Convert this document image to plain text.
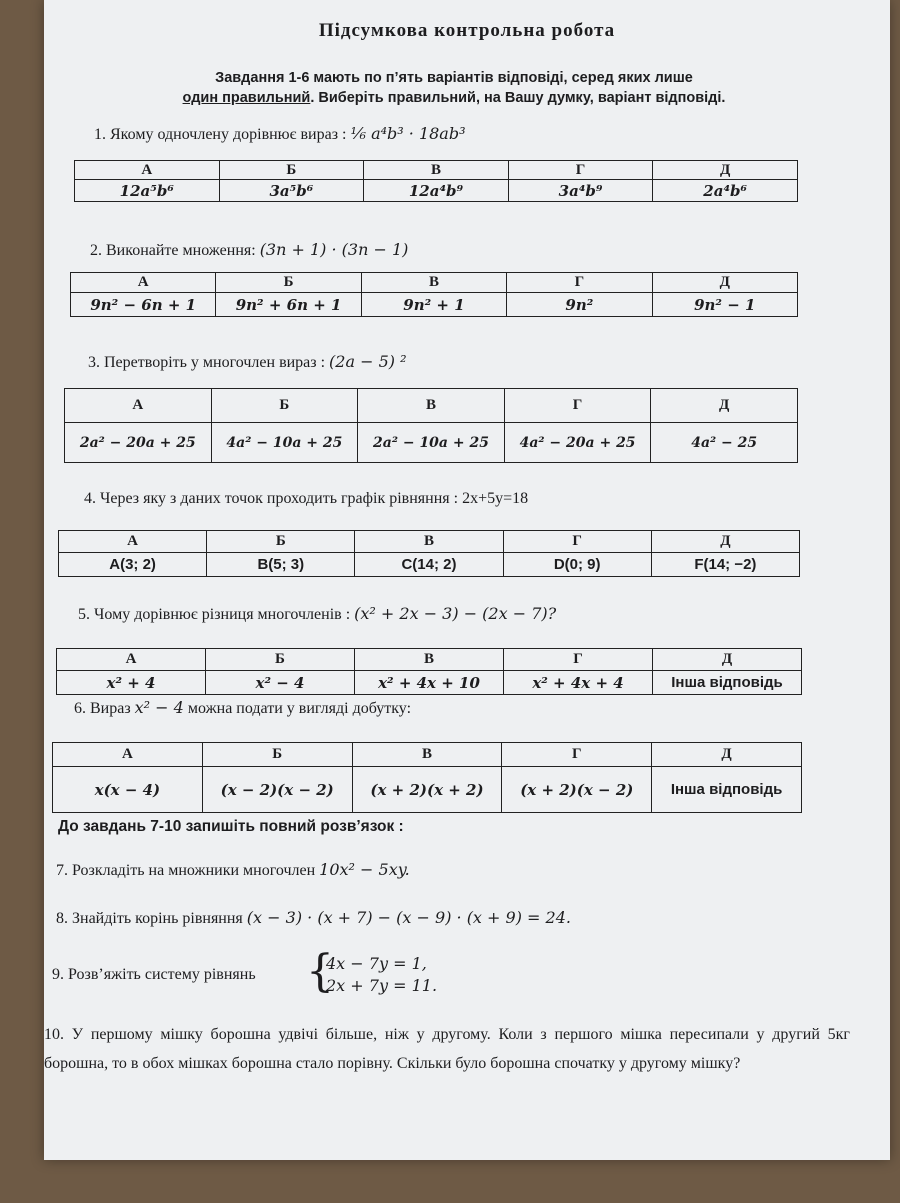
Підсумкова контрольна робота
Завдання 1-6 мають по п’ять варіантів відповіді, серед яких лише
один правильний. Виберіть правильний, на Вашу думку, варіант відповіді.
1. Якому одночлену дорівнює вираз : ¹⁄₆ a⁴b³ · 18ab³
А	Б	В	Г	Д
12a⁵b⁶	3a⁵b⁶	12a⁴b⁹	3a⁴b⁹	2a⁴b⁶
2. Виконайте множення: (3n + 1) · (3n − 1)
А	Б	В	Г	Д
9n² − 6n + 1	9n² + 6n + 1	9n² + 1	9n²	9n² − 1
3. Перетворіть у многочлен вираз : (2a − 5) ²
А	Б	В	Г	Д
2a² − 20a + 25	4a² − 10a + 25	2a² − 10a + 25	4a² − 20a + 25	4a² − 25
4. Через яку з даних точок проходить графік рівняння : 2x+5y=18
А	Б	В	Г	Д
A(3; 2)	B(5; 3)	C(14; 2)	D(0; 9)	F(14; −2)
5. Чому дорівнює різниця многочленів : (x² + 2x − 3) − (2x − 7)?
А	Б	В	Г	Д
x² + 4	x² − 4	x² + 4x + 10	x² + 4x + 4	Інша відповідь
6. Вираз x² − 4 можна подати у вигляді добутку:
А	Б	В	Г	Д
x(x − 4)	(x − 2)(x − 2)	(x + 2)(x + 2)	(x + 2)(x − 2)	Інша відповідь
До завдань 7-10 запишіть повний розв’язок :
7. Розкладіть на множники многочлен 10x² − 5xy.
8. Знайдіть корінь рівняння (x − 3) · (x + 7) − (x − 9) · (x + 9) = 24.
9. Розв’яжіть систему рівнянь {
4x − 7y = 1,
2x + 7y = 11.
10. У першому мішку борошна удвічі більше, ніж у другому. Коли з першого мішка пересипали у другий 5кг борошна, то в обох мішках борошна стало порівну. Скільки було борошна спочатку у другому мішку?
